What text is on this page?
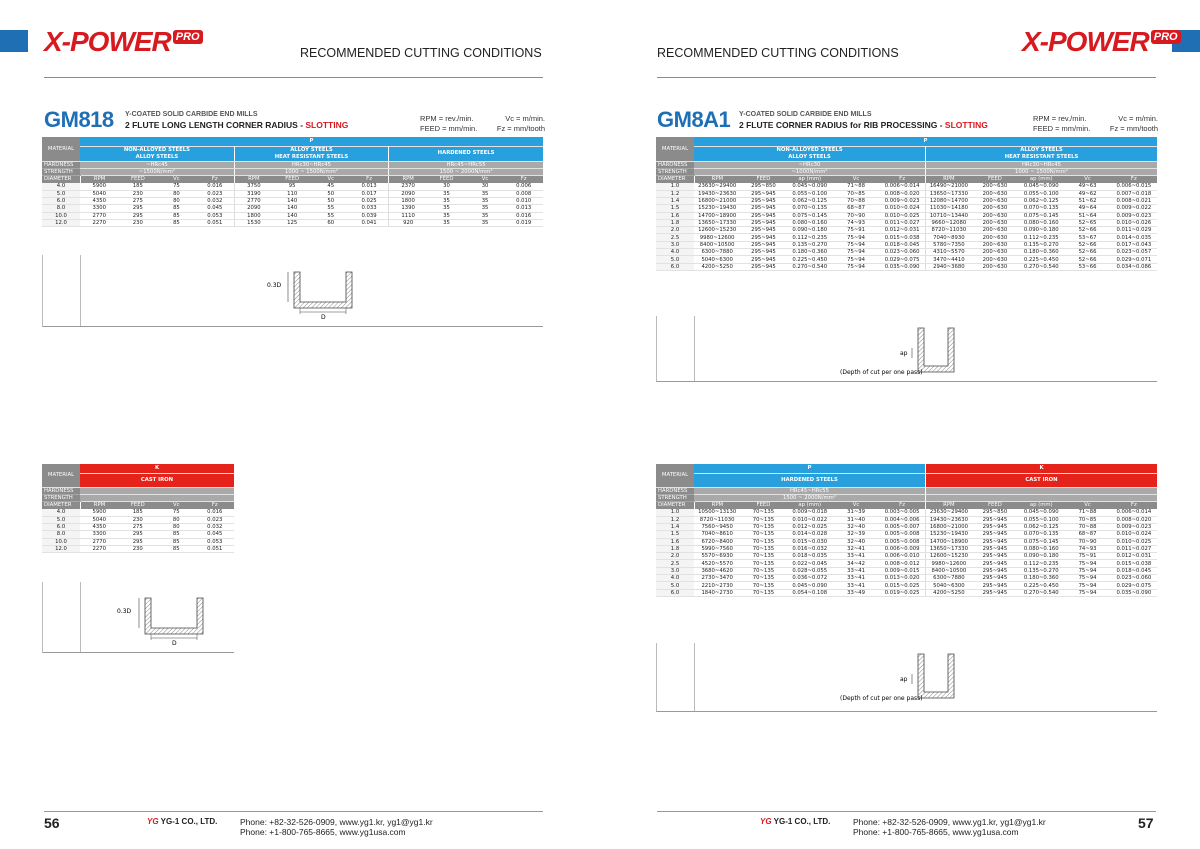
X-POWER PRO
RECOMMENDED CUTTING CONDITIONS
GM818 Y-COATED SOLID CARBIDE END MILLS
2 FLUTE LONG LENGTH CORNER RADIUS - SLOTTING
RPM = rev./min.	Vc = m/min.
FEED = mm/min.	Fz = mm/tooth
MATERIAL	P											
	NON-ALLOYED STEELS
ALLOY STEELS				ALLOY STEELS
HEAT RESISTANT STEELS				HARDENED STEELS			

HARDNESS	~HRc45				HRc30~HRc45				HRc45~HRc55			
STRENGTH	~1500N/mm²				1000 ~ 1500N/mm²				1500 ~ 2000N/mm²			
DIAMETER	RPM	FEED	Vc	Fz	RPM	FEED	Vc	Fz	RPM	FEED	Vc	Fz
4.0	5900	185	75	0.016	3750	95	45	0.013	2370	30	30	0.006
5.0	5040	230	80	0.023	3190	110	50	0.017	2090	35	35	0.008
6.0	4350	275	80	0.032	2770	140	50	0.025	1800	35	35	0.010
8.0	3300	295	85	0.045	2090	140	55	0.033	1390	35	35	0.013
10.0	2770	295	85	0.053	1800	140	55	0.039	1110	35	35	0.016
12.0	2270	230	85	0.051	1530	125	60	0.041	920	35	35	0.019
0.3D
D
MATERIAL	K			
	CAST IRON			
HARDNESS				
STRENGTH				
DIAMETER	RPM	FEED	Vc	Fz
4.0	5900	185	75	0.016
5.0	5040	230	80	0.023
6.0	4350	275	80	0.032
8.0	3300	295	85	0.045
10.0	2770	295	85	0.053
12.0	2270	230	85	0.051
0.3D
D
56	YG YG-1 CO., LTD.	Phone: +82-32-526-0909, www.yg1.kr, yg1@yg1.kr
Phone: +1-800-765-8665, www.yg1usa.com
X-POWER PRO
RECOMMENDED CUTTING CONDITIONS
GM8A1 Y-COATED SOLID CARBIDE END MILLS
2 FLUTE CORNER RADIUS for RIB PROCESSING - SLOTTING
RPM = rev./min.	Vc = m/min.
FEED = mm/min.	Fz = mm/tooth
MATERIAL	P									
	NON-ALLOYED STEELS
ALLOY STEELS					ALLOY STEELS
HEAT RESISTANT STEELS				

HARDNESS	~HRc30					HRc30~HRc45				
STRENGTH	~1000N/mm²					1000 ~ 1500N/mm²				
DIAMETER	RPM	FEED	ap (mm)	Vc	Fz	RPM	FEED	ap (mm)	Vc	Fz
1.0	23630~29400	295~850	0.045~0.090	71~88	0.006~0.014	16490~21000	200~630	0.045~0.090	49~63	0.006~0.015
1.2	19430~23630	295~945	0.055~0.100	70~85	0.008~0.020	13650~17330	200~630	0.055~0.100	49~62	0.007~0.018
1.4	16800~21000	295~945	0.062~0.125	70~88	0.009~0.023	12080~14700	200~630	0.062~0.125	51~62	0.008~0.021
1.5	15230~19430	295~945	0.070~0.135	68~87	0.010~0.024	11030~14180	200~630	0.070~0.135	49~64	0.009~0.022
1.6	14700~18900	295~945	0.075~0.145	70~90	0.010~0.025	10710~13440	200~630	0.075~0.145	51~64	0.009~0.023
1.8	13650~17330	295~945	0.080~0.160	74~93	0.011~0.027	9660~12080	200~630	0.080~0.160	52~65	0.010~0.026
2.0	12600~15230	295~945	0.090~0.180	75~91	0.012~0.031	8720~11030	200~630	0.090~0.180	52~66	0.011~0.029
2.5	9980~12600	295~945	0.112~0.235	75~94	0.015~0.038	7040~8930	200~630	0.112~0.235	53~67	0.014~0.035
3.0	8400~10500	295~945	0.135~0.270	75~94	0.018~0.045	5780~7350	200~630	0.135~0.270	52~66	0.017~0.043
4.0	6300~7880	295~945	0.180~0.360	75~94	0.023~0.060	4310~5570	200~630	0.180~0.360	52~66	0.023~0.057
5.0	5040~6300	295~945	0.225~0.450	75~94	0.029~0.075	3470~4410	200~630	0.225~0.450	52~66	0.029~0.071
6.0	4200~5250	295~945	0.270~0.540	75~94	0.035~0.090	2940~3680	200~630	0.270~0.540	53~66	0.034~0.086
ap
(Depth of cut per one pass)
MATERIAL	P					K				
	HARDENED STEELS					CAST IRON				
HARDNESS	HRc45~HRc55									
STRENGTH	1500 ~ 2000N/mm²									
DIAMETER	RPM	FEED	ap (mm)	Vc	Fz	RPM	FEED	ap (mm)	Vc	Fz
1.0	10500~13130	70~135	0.009~0.018	31~39	0.003~0.005	23630~29400	295~850	0.045~0.090	71~88	0.006~0.014
1.2	8720~11030	70~135	0.010~0.022	31~40	0.004~0.006	19430~23630	295~945	0.055~0.100	70~85	0.008~0.020
1.4	7560~9450	70~135	0.012~0.025	32~40	0.005~0.007	16800~21000	295~945	0.062~0.125	70~88	0.009~0.023
1.5	7040~8610	70~135	0.014~0.028	32~39	0.005~0.008	15230~19430	295~945	0.070~0.135	68~87	0.010~0.024
1.6	6720~8400	70~135	0.015~0.030	32~40	0.005~0.008	14700~18900	295~945	0.075~0.145	70~90	0.010~0.025
1.8	5990~7560	70~135	0.016~0.032	32~41	0.006~0.009	13650~17330	295~945	0.080~0.160	74~93	0.011~0.027
2.0	5570~6930	70~135	0.018~0.035	33~41	0.006~0.010	12600~15230	295~945	0.090~0.180	75~91	0.012~0.031
2.5	4520~5570	70~135	0.022~0.045	34~42	0.008~0.012	9980~12600	295~945	0.112~0.235	75~94	0.015~0.038
3.0	3680~4620	70~135	0.028~0.055	33~41	0.009~0.015	8400~10500	295~945	0.135~0.270	75~94	0.018~0.045
4.0	2730~3470	70~135	0.036~0.072	33~41	0.013~0.020	6300~7880	295~945	0.180~0.360	75~94	0.023~0.060
5.0	2210~2730	70~135	0.045~0.090	33~41	0.015~0.025	5040~6300	295~945	0.225~0.450	75~94	0.029~0.075
6.0	1840~2730	70~135	0.054~0.108	33~49	0.019~0.025	4200~5250	295~945	0.270~0.540	75~94	0.035~0.090
ap
(Depth of cut per one pass)
YG YG-1 CO., LTD.	Phone: +82-32-526-0909, www.yg1.kr, yg1@yg1.kr
Phone: +1-800-765-8665, www.yg1usa.com
57
